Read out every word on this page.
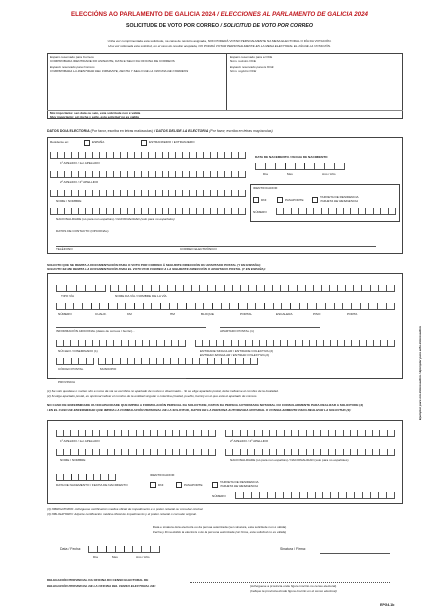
ELECCIÓNS AO PARLAMENTO DE GALICIA 2024 / ELECCIONES AL PARLAMENTO DE GALICIA 2024
SOLICITUDE DE VOTO POR CORREO / SOLICITUD DE VOTO POR CORREO
Unha vez cumprimentada esta solicitude, na caixa de reixistro asignada, NON PODERÁ VOTAR PERSOALMENTE NA MESA ELECTORAL O DÍA DA VOTACIÓN.
Una vez rellenada esta solicitud, en el caso de resultar aceptada, NO PODRÁ VOTAR PERSONALMENTE EN LA MESA ELECTORAL EL DÍA DE LA VOTACIÓN.
Espazo reservado para Correos
COMPROBADA IDENTIDADE DO ASINANTE, DATA E SELO DA OFICINA DE CORREOS
Espacio reservado para Correos
COMPROBADA LA IDENTIDAD DEL FIRMANTE, FECHA Y SELLO DE LA OFICINA DE CORREOS
Espazo reservado para a OCE
Núm. rexistro OCE
Espacio reservado para la OCE
Núm. registro OCE
Moi importante: sen data ou selo, esta solicitude non é válida
Muy importante: sin fecha y sello, esta solicitud no es válida
DATOS DO/A ELECTOR/A (Por favor, escriba en letras maiúsculas) / DATOS DEL/DE LA ELECTOR/A (Por favor, escriba en letras mayúsculas)
Residente en:	ESPAÑA	ESTRANXEIRO / EXTRANJERO
1º APELIDO / 1er APELLIDO
2º APELIDO / 2º APELLIDO
NOME / NOMBRE
NACIONALIDADE (só para non españois) / NACIONALIDAD (solo para no españoles)
DATOS DE CONTACTO (OPCIONAL):
TELÉFONO	CORREO ELECTRÓNICO
DATA DE NACEMENTO / FECHA DE NACIMIENTO
Día	Mes	Ano / Año
IDENTIFICADOR:
DNI	PASAPORTE
TARXETA DE RESIDENCIA
TARJETA DE RESIDENCIA
NÚMERO
SOLICITO QUE SE REMITA A DOCUMENTACIÓN PARA O VOTO POR CORREO Á SEGUINTE DIRECCIÓN OU APARTADO POSTAL (Y EN ESPAÑA):
SOLICITO SE ME REMITA LA DOCUMENTACIÓN PARA EL VOTO POR CORREO A LA SIGUIENTE DIRECCIÓN O APARTADO POSTAL (Y EN ESPAÑA):
TIPO VÍA	NOME DA VÍA / NOMBRE DE LA VÍA
NÚMERO	CUALIF.	KM	HM	BLOQUE	PORTAL	ESCALERA	PISO	PORTA
INFORMACIÓN ADICIONAL (datos de correos / buzón)...	APARTADO POSTAL (1)
NÚCLEO / DISEMINADO (1)	ENTIDADE SINGULAR / ENTIDADE COLECTIVA (2)
ENTIDAD SINGULAR / ENTIDAD COLECTIVA (2)
CÓDIGO POSTAL	MUNICIPIO
PROVINCIA
(1) Se solo quedase o nucleo sito a nome da via se escribira no apartado de nucleo o diseminado... Si se elige apartado postal, debe indicarse el nombre de la localidad.
(2) Si elige apartado postal, es opcional indicar el nombre de la entidad singular o colectiva (ciudad, pueblo, barrio) en el que está el apartado de correos.
NO CASO DE ENFERMIDADE OU INCAPACIDADE QUE IMPIDA A FORMULACIÓN PERSOAL DA SOLICITUDE, DATOS DA PERSOA AUTORIZADA NOTARIAL OU CONSULARMENTE PARA REALIZAR A SOLICITUDE (3)
/ EN EL CASO DE ENFERMEDAD QUE IMPIDA LA FORMULACIÓN PERSONAL DE LA SOLICITUD, DATOS DE LA PERSONA AUTORIZADA NOTARIAL O CONSULARMENTE PARA REALIZAR LA SOLICITUD (3):
1º APELIDO / 1er APELLIDO	2º APELIDO / 2º APELLIDO
NOME / NOMBRE	NACIONALIDADE (só para non españois) / NACIONALIDAD (solo para no españoles)
DATA DE NACEMENTO / FECHA DE NACIMIENTO
IDENTIFICADOR:
DNI	PASAPORTE
TARXETA DE RESIDENCIA
TARJETA DE RESIDENCIA
NÚMERO
(3) OBRIGATORIO: Achéguese certificación médica oficial de impedimento e o poder notarial ou consular orixinal.
(3) OBLIGATORIO: Adjunte certificación médica oficial de impedimento y el poder notarial o consular original.
Data e sinatura do/a elector/a ou da persoa autorizada (sen sinatura, esta solicitude non é válida)
Fecha y firma del/de la elector/a o de la persona autorizada (sin firma, esta solicitud no es válida)
Data / Fecha:
Día	Mes	Ano / Año
Sinatura / Firma:
DELEGACIÓN PROVINCIAL DA OFICINA DO CENSO ELECTORAL DE
DELEGACIÓN PROVINCIAL DE LA OFICINA DEL CENSO ELECTORAL DE:	(Achéguese a provincia onde figure inscrito no censo electoral)
(Indique la provincia donde figura inscrito en el censo electoral)
EPG4.1b
Ejemplar para o/a interesado/a / Ejemplar para el/la interesado/a
